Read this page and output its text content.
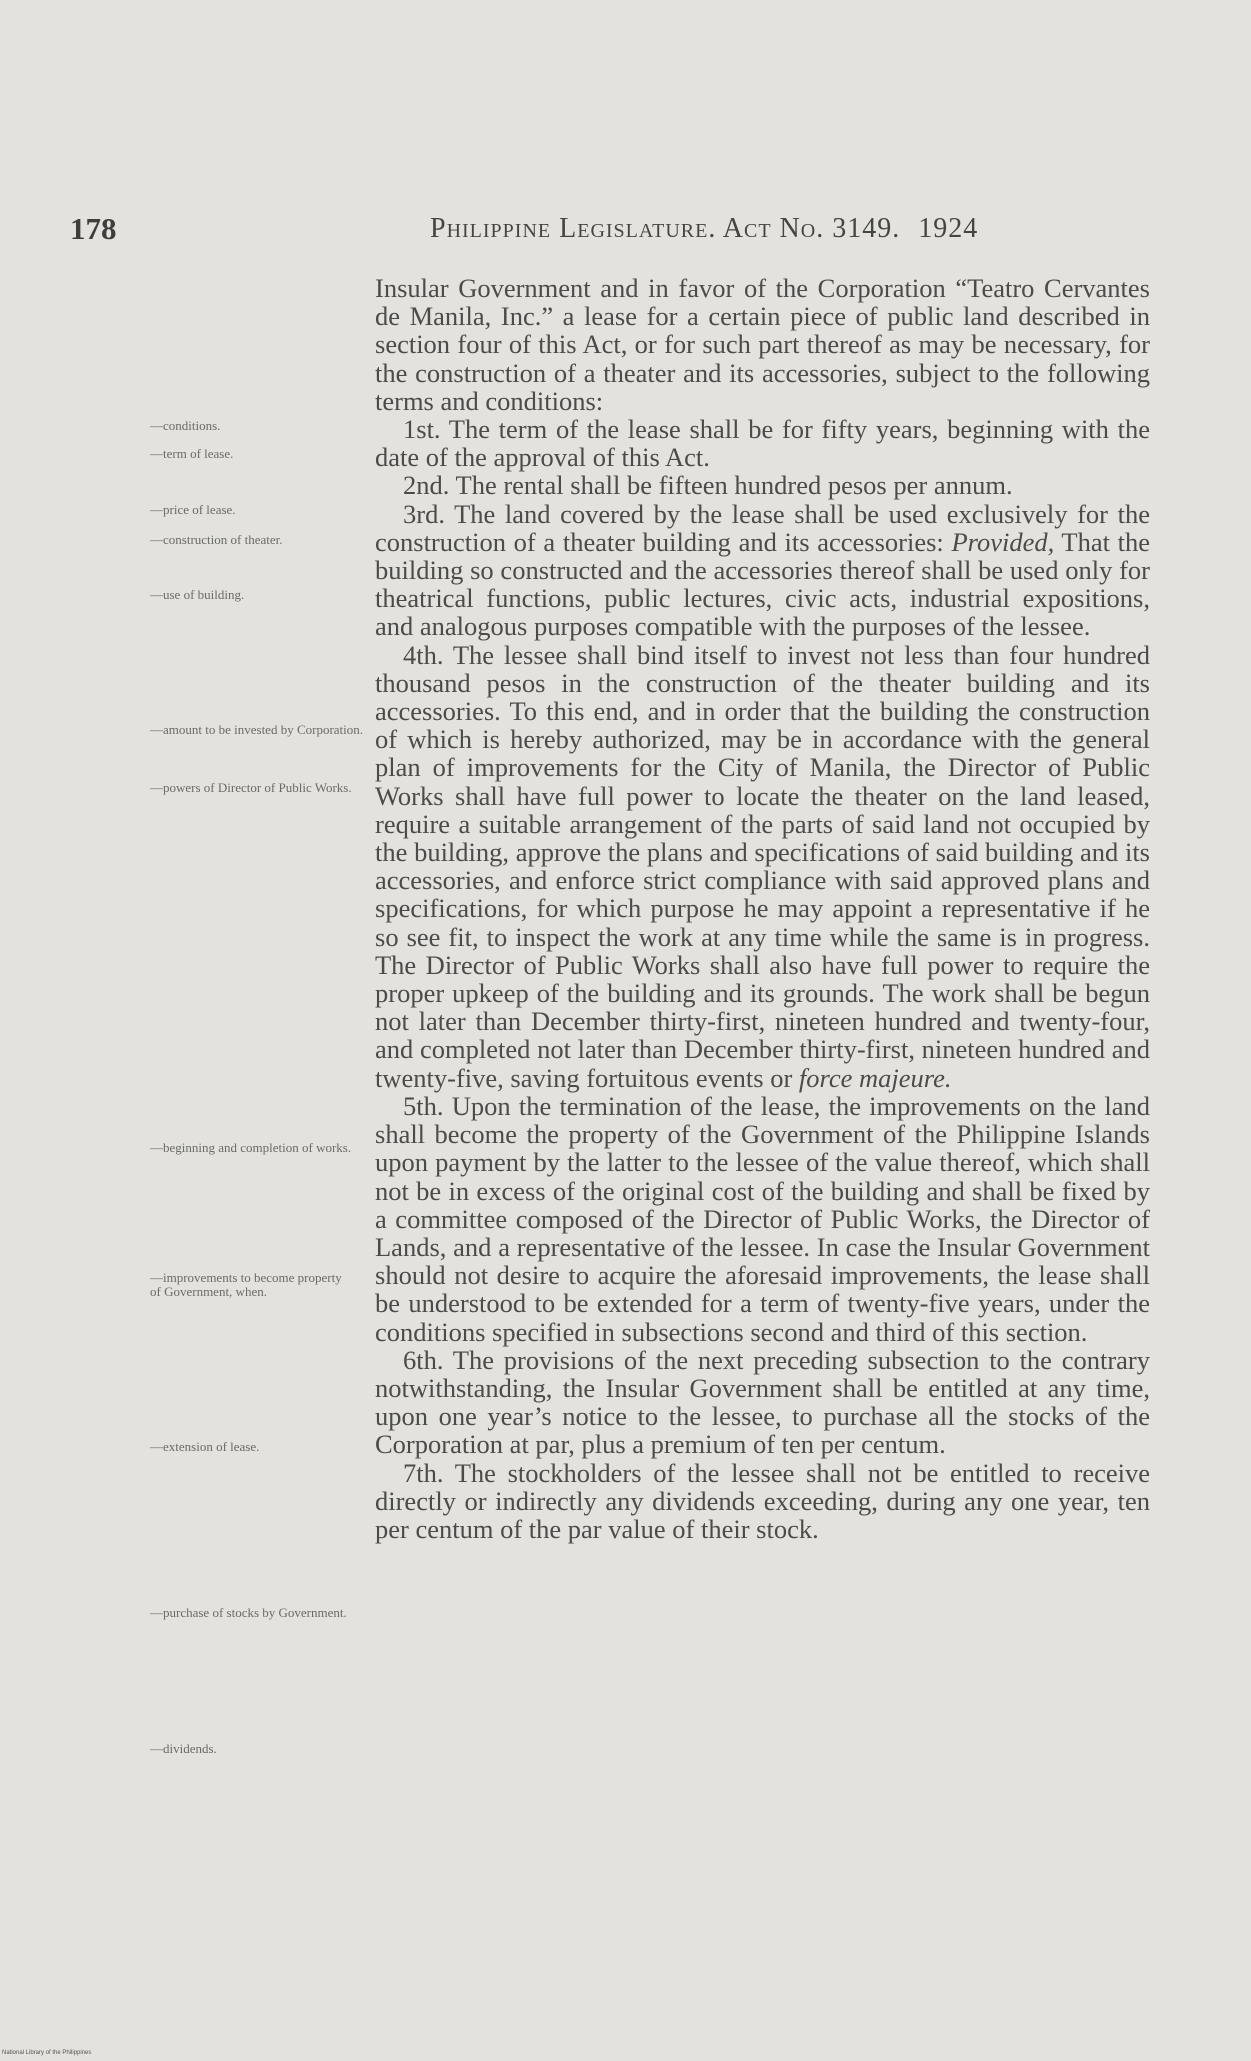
178	Philippine Legislature. Act No. 3149. 1924
—conditions.
—term of lease.
—price of lease.
—construction of theater.
—use of building.
—amount to be invested by Corporation.
—powers of Director of Public Works.
—beginning and completion of works.
—improvements to become property of Government, when.
—extension of lease.
—purchase of stocks by Government.
—dividends.

Insular Government and in favor of the Corporation “Teatro Cervantes de Manila, Inc.” a lease for a certain piece of public land described in section four of this Act, or for such part thereof as may be necessary, for the construction of a theater and its accessories, subject to the following terms and conditions:

1st. The term of the lease shall be for fifty years, beginning with the date of the approval of this Act.

2nd. The rental shall be fifteen hundred pesos per annum.

3rd. The land covered by the lease shall be used exclusively for the construction of a theater building and its accessories: Provided, That the building so constructed and the accessories thereof shall be used only for theatrical functions, public lectures, civic acts, industrial expositions, and analogous purposes compatible with the purposes of the lessee.

4th. The lessee shall bind itself to invest not less than four hundred thousand pesos in the construction of the theater building and its accessories. To this end, and in order that the building the construction of which is hereby authorized, may be in accordance with the general plan of improvements for the City of Manila, the Director of Public Works shall have full power to locate the theater on the land leased, require a suitable arrangement of the parts of said land not occupied by the building, approve the plans and specifications of said building and its accessories, and enforce strict compliance with said approved plans and specifications, for which purpose he may appoint a representative if he so see fit, to inspect the work at any time while the same is in progress. The Director of Public Works shall also have full power to require the proper upkeep of the building and its grounds. The work shall be begun not later than December thirty-first, nineteen hundred and twenty-four, and completed not later than December thirty-first, nineteen hundred and twenty-five, saving fortuitous events or force majeure.

5th. Upon the termination of the lease, the improvements on the land shall become the property of the Government of the Philippine Islands upon payment by the latter to the lessee of the value thereof, which shall not be in excess of the original cost of the building and shall be fixed by a committee composed of the Director of Public Works, the Director of Lands, and a representative of the lessee. In case the Insular Government should not desire to acquire the aforesaid improvements, the lease shall be understood to be extended for a term of twenty-five years, under the conditions specified in subsections second and third of this section.

6th. The provisions of the next preceding subsection to the contrary notwithstanding, the Insular Government shall be entitled at any time, upon one year’s notice to the lessee, to purchase all the stocks of the Corporation at par, plus a premium of ten per centum.

7th. The stockholders of the lessee shall not be entitled to receive directly or indirectly any dividends exceeding, during any one year, ten per centum of the par value of their stock.

National Library of the Philippines
